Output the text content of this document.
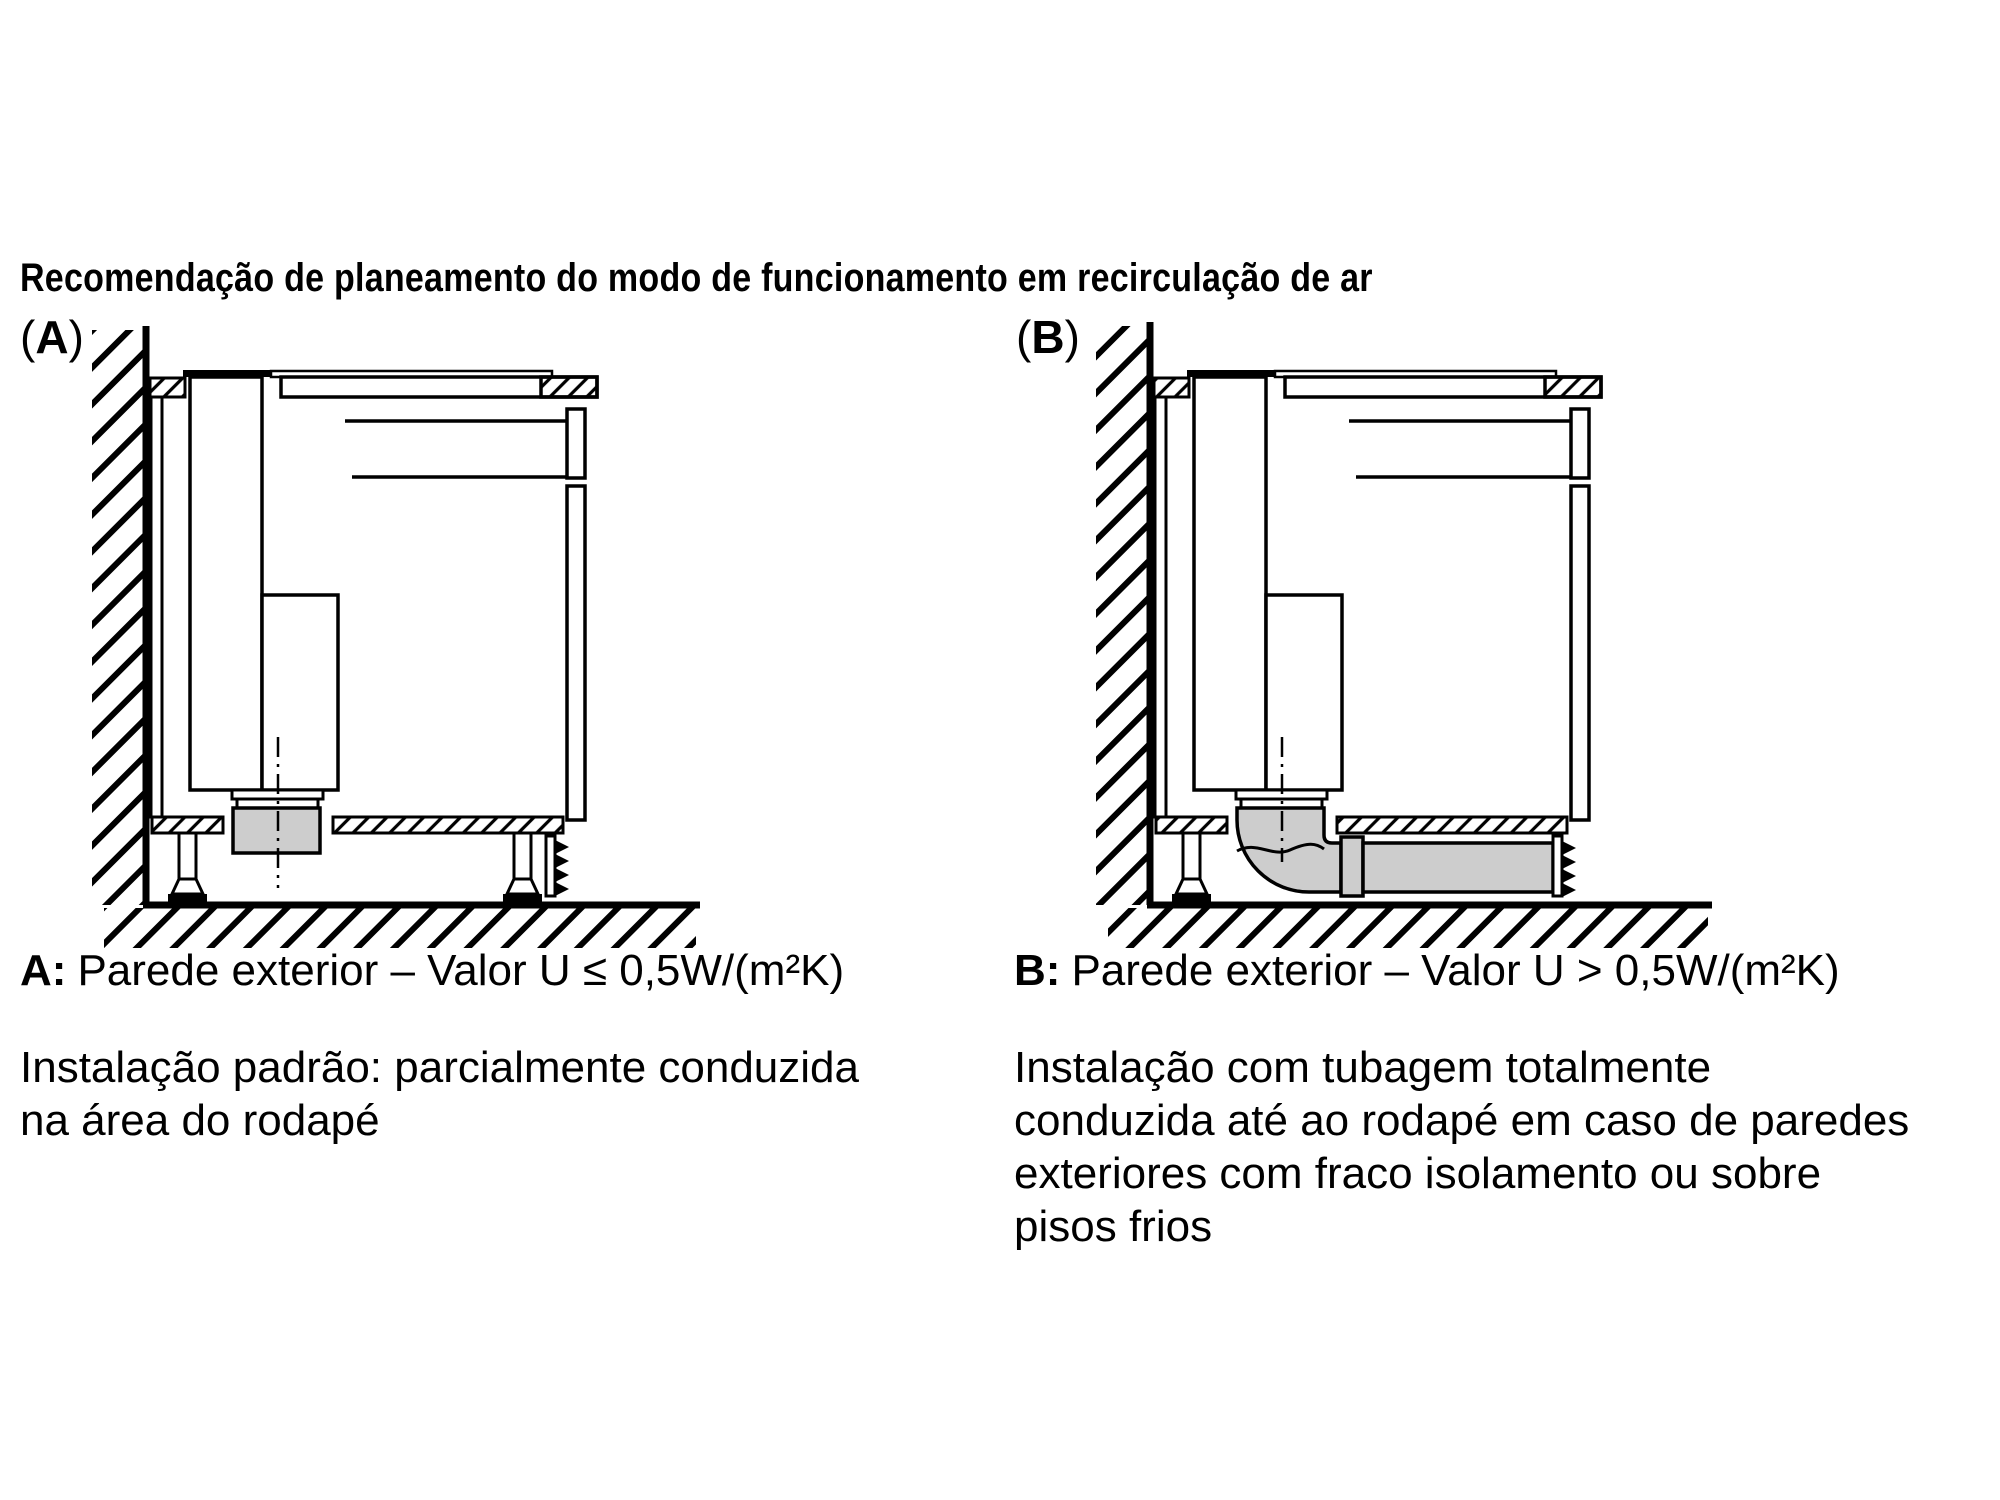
Recomendação de planeamento do modo de funcionamento em recirculação de ar
(A)	(B)
A: Parede exterior – Valor U ≤ 0,5W/(m²K)	B: Parede exterior – Valor U > 0,5W/(m²K)
Instalação padrão: parcialmente conduzida
na área do rodapé
Instalação com tubagem totalmente
conduzida até ao rodapé em caso de paredes
exteriores com fraco isolamento ou sobre
pisos frios
